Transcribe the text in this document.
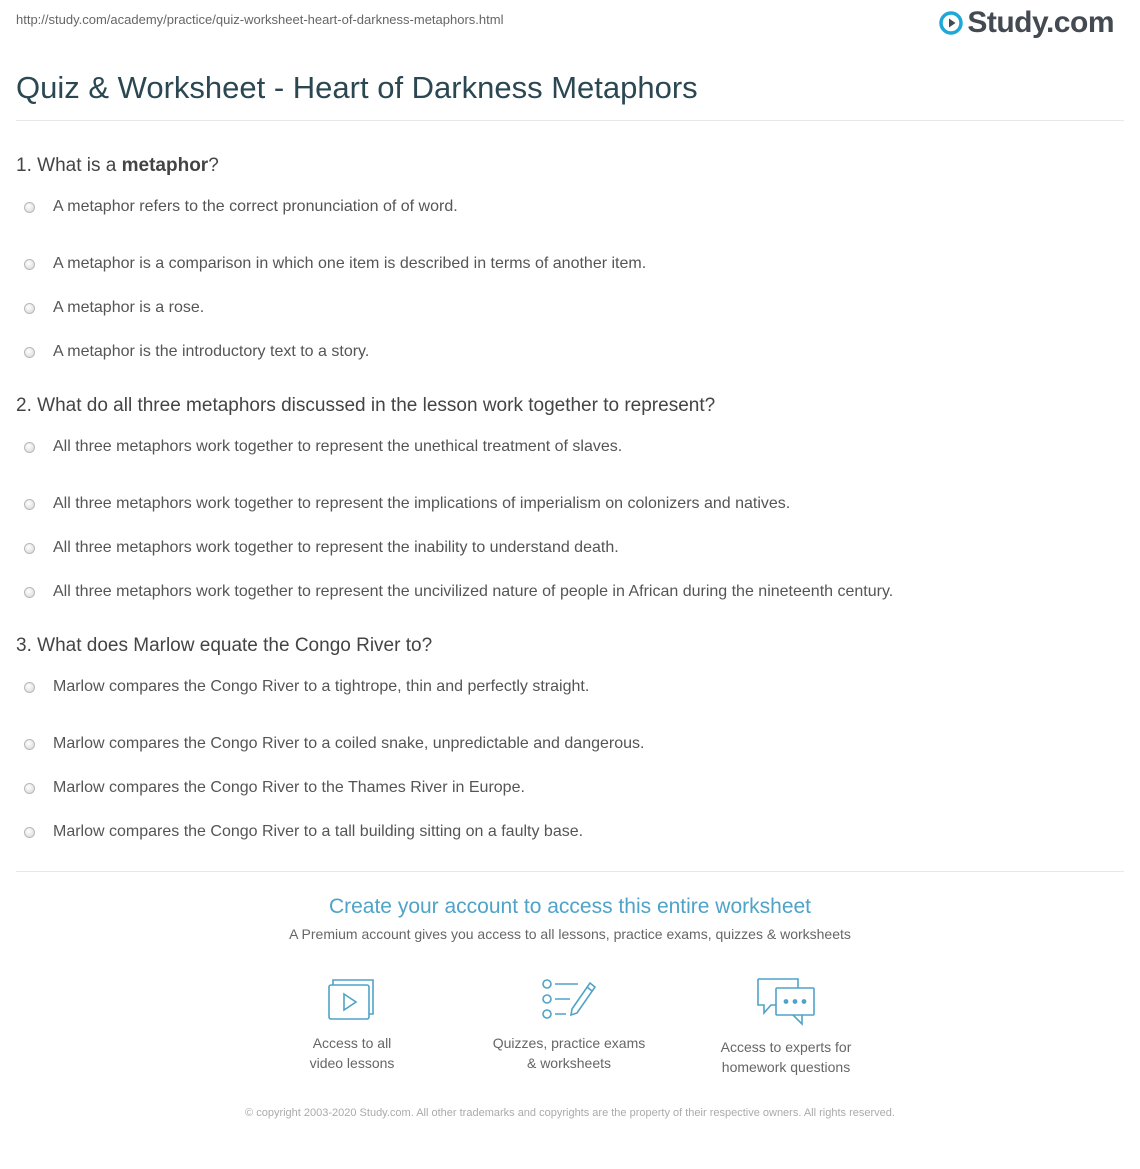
http://study.com/academy/practice/quiz-worksheet-heart-of-darkness-metaphors.html	Study.com
Quiz & Worksheet - Heart of Darkness Metaphors
1. What is a metaphor?
A metaphor refers to the correct pronunciation of of word.
A metaphor is a comparison in which one item is described in terms of another item.
A metaphor is a rose.
A metaphor is the introductory text to a story.
2. What do all three metaphors discussed in the lesson work together to represent?
All three metaphors work together to represent the unethical treatment of slaves.
All three metaphors work together to represent the implications of imperialism on colonizers and natives.
All three metaphors work together to represent the inability to understand death.
All three metaphors work together to represent the uncivilized nature of people in African during the nineteenth century.
3. What does Marlow equate the Congo River to?
Marlow compares the Congo River to a tightrope, thin and perfectly straight.
Marlow compares the Congo River to a coiled snake, unpredictable and dangerous.
Marlow compares the Congo River to the Thames River in Europe.
Marlow compares the Congo River to a tall building sitting on a faulty base.
Create your account to access this entire worksheet
A Premium account gives you access to all lessons, practice exams, quizzes & worksheets
Access to all
video lessons
Quizzes, practice exams
& worksheets
Access to experts for
homework questions
© copyright 2003-2020 Study.com. All other trademarks and copyrights are the property of their respective owners. All rights reserved.
